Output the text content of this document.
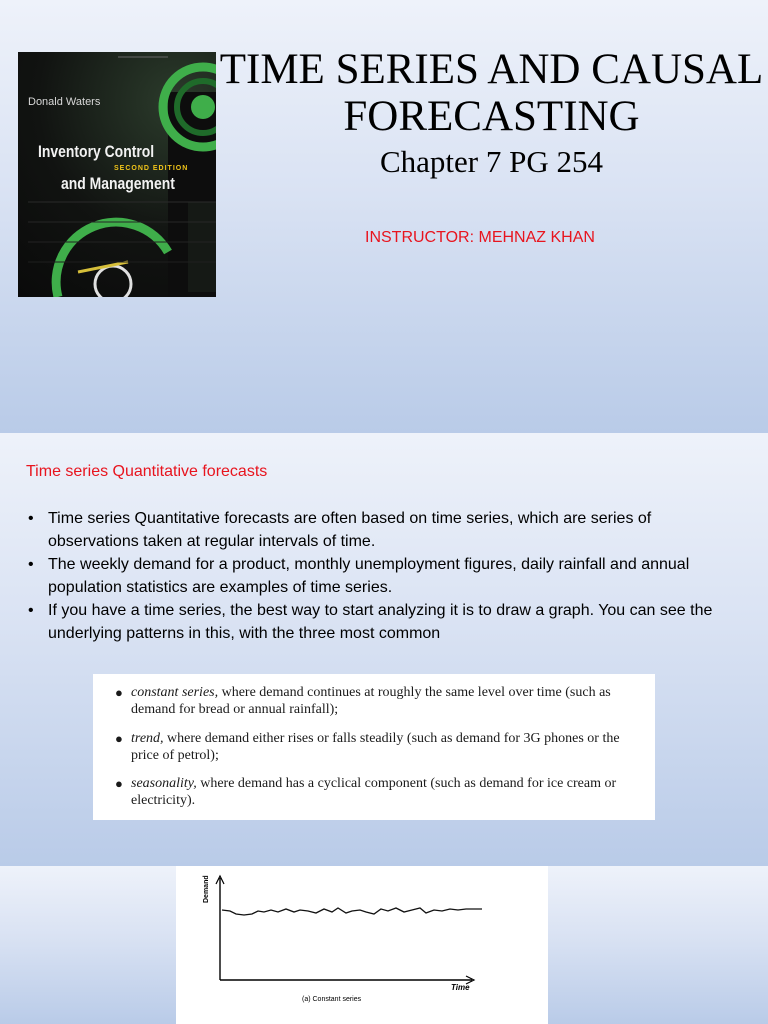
Donald Waters
Inventory Control
SECOND EDITION
and Management
TIME SERIES AND CAUSAL FORECASTING
Chapter 7 PG 254
INSTRUCTOR: MEHNAZ KHAN
Time series Quantitative forecasts
• Time series Quantitative forecasts are often based on time series, which are series of observations taken at regular intervals of time.
• The weekly demand for a product, monthly unemployment figures, daily rainfall and annual population statistics are examples of time series.
• If you have a time series, the best way to start analyzing it is to draw a graph. You can see the underlying patterns in this, with the three most common
● constant series, where demand continues at roughly the same level over time (such as demand for bread or annual rainfall);
● trend, where demand either rises or falls steadily (such as demand for 3G phones or the price of petrol);
● seasonality, where demand has a cyclical component (such as demand for ice cream or electricity).
Demand
Time
(a) Constant series
